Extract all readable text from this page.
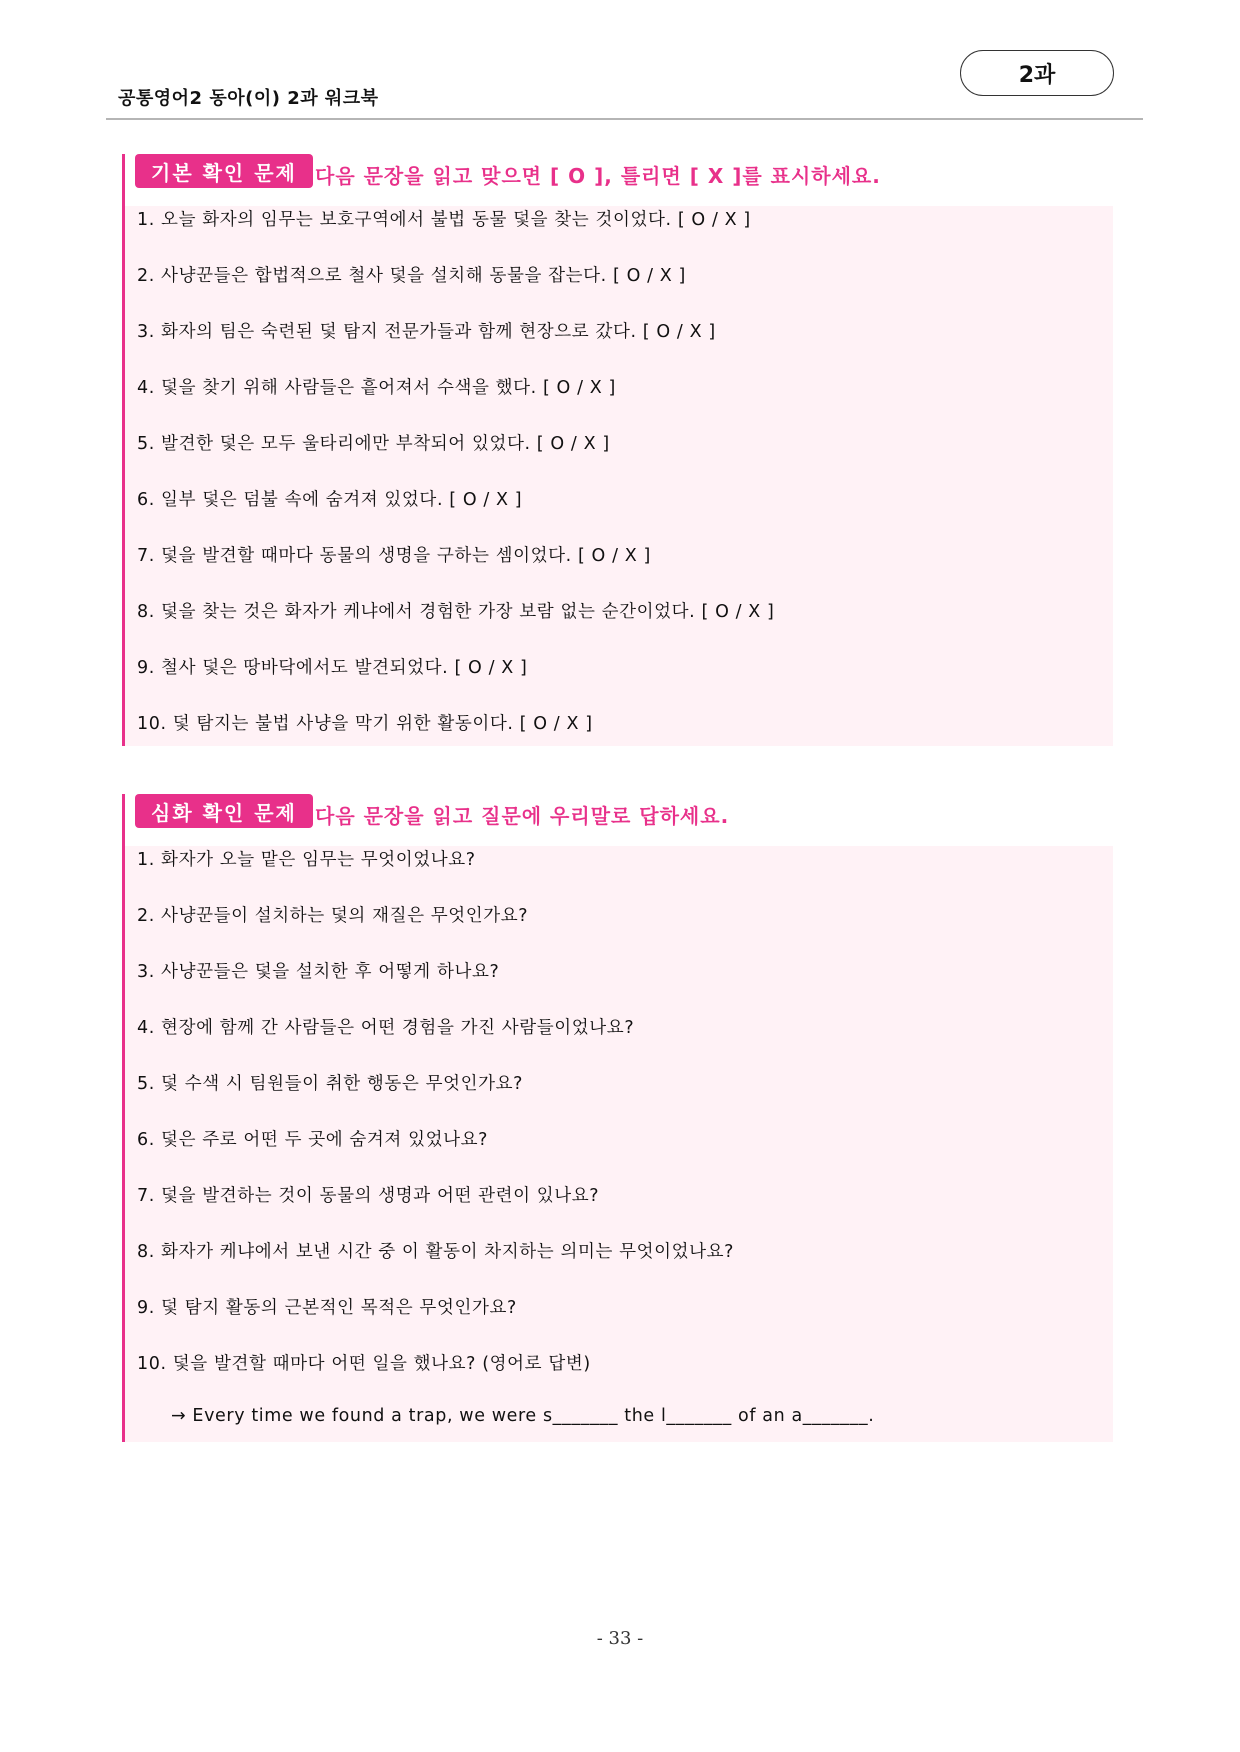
공통영어2 동아(이) 2과 워크북
2과
기본 확인 문제 다음 문장을 읽고 맞으면 [ O ], 틀리면 [ X ]를 표시하세요.
1. 오늘 화자의 임무는 보호구역에서 불법 동물 덫을 찾는 것이었다. [ O / X ]
2. 사냥꾼들은 합법적으로 철사 덫을 설치해 동물을 잡는다. [ O / X ]
3. 화자의 팀은 숙련된 덫 탐지 전문가들과 함께 현장으로 갔다. [ O / X ]
4. 덫을 찾기 위해 사람들은 흩어져서 수색을 했다. [ O / X ]
5. 발견한 덫은 모두 울타리에만 부착되어 있었다. [ O / X ]
6. 일부 덫은 덤불 속에 숨겨져 있었다. [ O / X ]
7. 덫을 발견할 때마다 동물의 생명을 구하는 셈이었다. [ O / X ]
8. 덫을 찾는 것은 화자가 케냐에서 경험한 가장 보람 없는 순간이었다. [ O / X ]
9. 철사 덫은 땅바닥에서도 발견되었다. [ O / X ]
10. 덫 탐지는 불법 사냥을 막기 위한 활동이다. [ O / X ]
심화 확인 문제 다음 문장을 읽고 질문에 우리말로 답하세요.
1. 화자가 오늘 맡은 임무는 무엇이었나요?
2. 사냥꾼들이 설치하는 덫의 재질은 무엇인가요?
3. 사냥꾼들은 덫을 설치한 후 어떻게 하나요?
4. 현장에 함께 간 사람들은 어떤 경험을 가진 사람들이었나요?
5. 덫 수색 시 팀원들이 취한 행동은 무엇인가요?
6. 덫은 주로 어떤 두 곳에 숨겨져 있었나요?
7. 덫을 발견하는 것이 동물의 생명과 어떤 관련이 있나요?
8. 화자가 케냐에서 보낸 시간 중 이 활동이 차지하는 의미는 무엇이었나요?
9. 덫 탐지 활동의 근본적인 목적은 무엇인가요?
10. 덫을 발견할 때마다 어떤 일을 했나요? (영어로 답변)
→ Every time we found a trap, we were s_______ the l_______ of an a_______.
- 33 -
